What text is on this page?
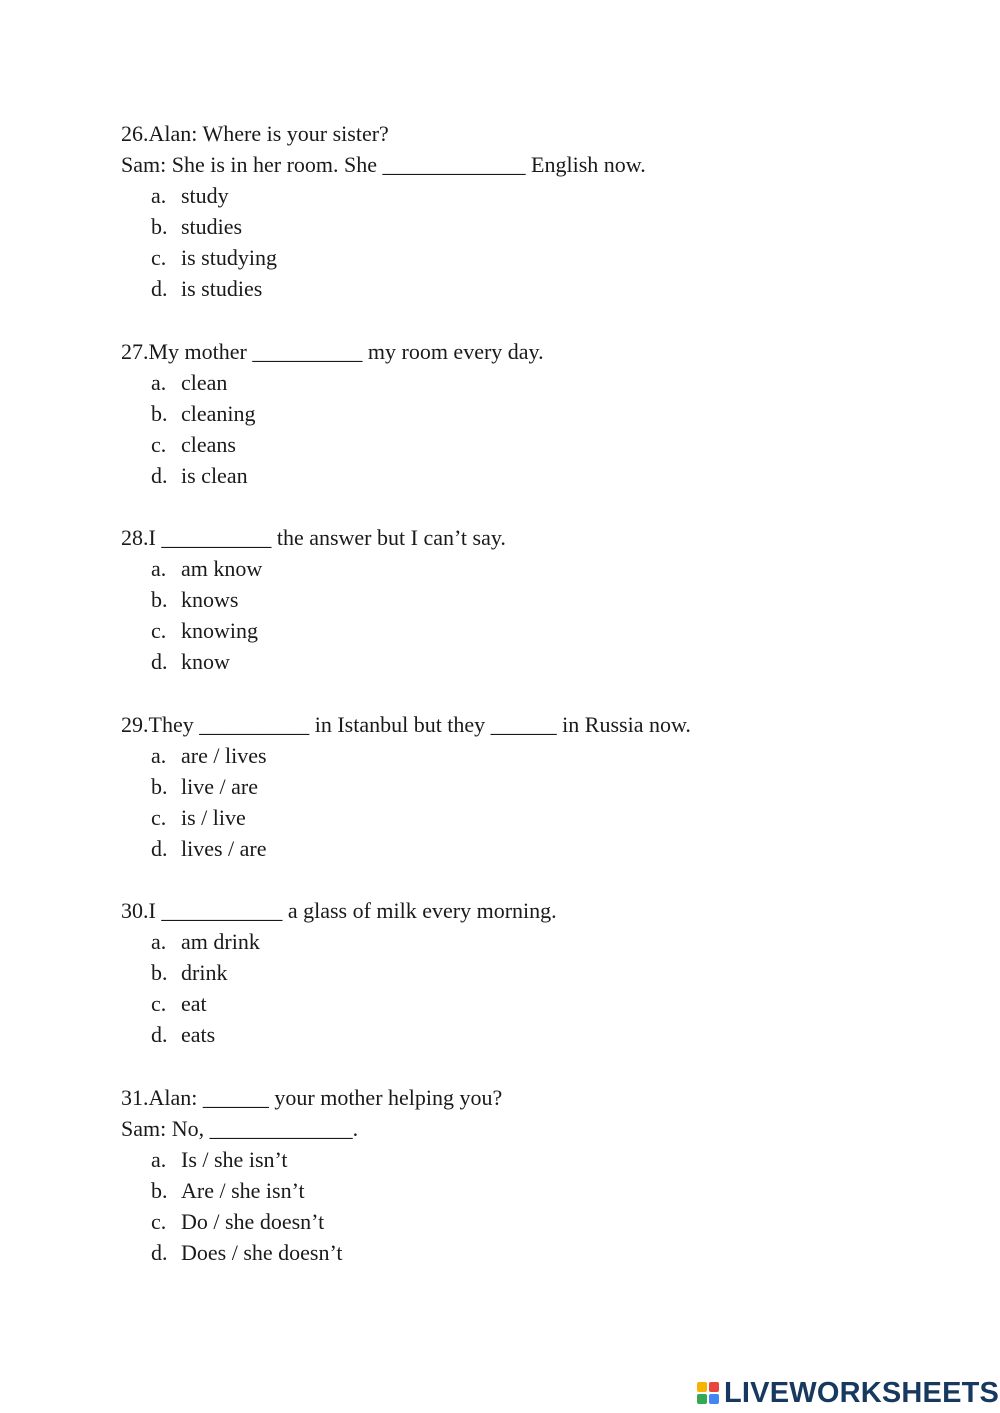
26.Alan: Where is your sister?
Sam: She is in her room. She _____________ English now.
a. study
b. studies
c. is studying
d. is studies
27.My mother __________ my room every day.
a. clean
b. cleaning
c. cleans
d. is clean
28.I __________ the answer but I can’t say.
a. am know
b. knows
c. knowing
d. know
29.They __________ in Istanbul but they ______ in Russia now.
a. are / lives
b. live / are
c. is / live
d. lives / are
30.I ___________ a glass of milk every morning.
a. am drink
b. drink
c. eat
d. eats
31.Alan: ______ your mother helping you?
Sam: No, _____________.
a. Is / she isn’t
b. Are / she isn’t
c. Do / she doesn’t
d. Does / she doesn’t
LIVEWORKSHEETS
